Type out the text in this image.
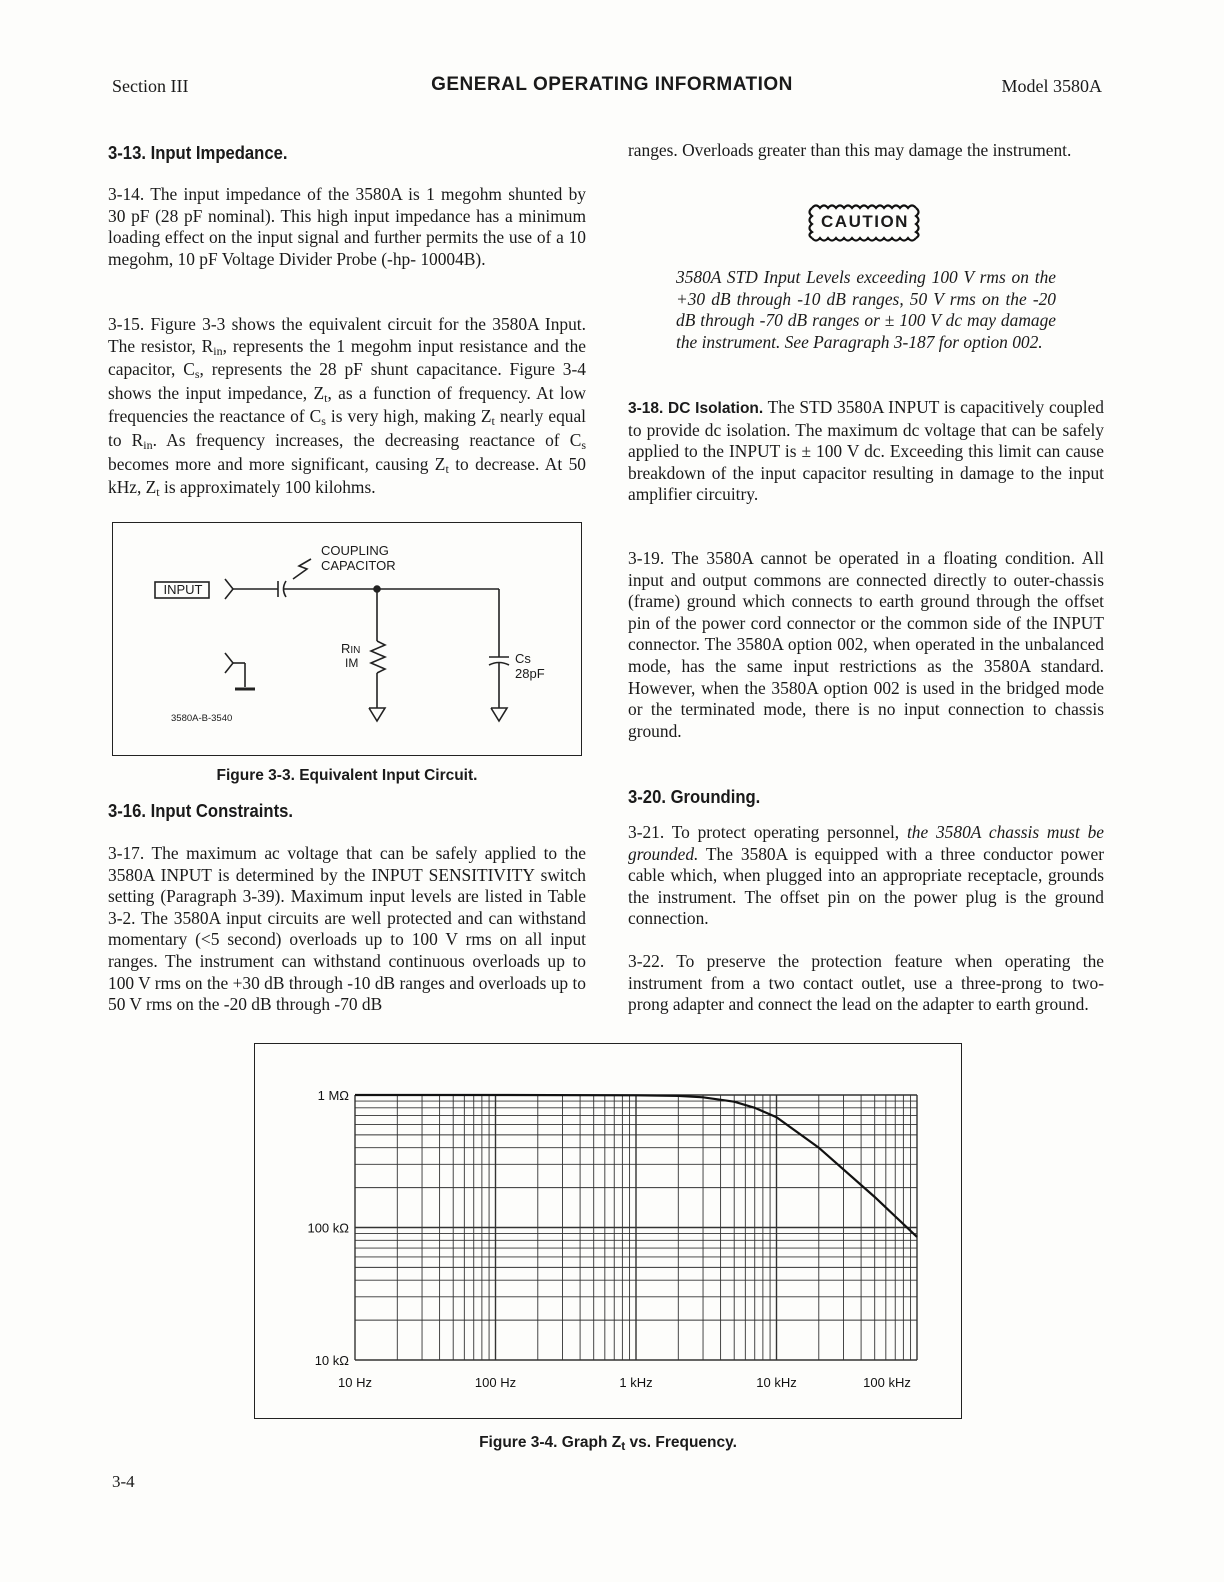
Section III	GENERAL OPERATING INFORMATION	Model 3580A
3-13. Input Impedance.

3-14. The input impedance of the 3580A is 1 megohm shunted by 30 pF (28 pF nominal). This high input impedance has a minimum loading effect on the input signal and further permits the use of a 10 megohm, 10 pF Voltage Divider Probe (-hp- 10004B).

3-15. Figure 3-3 shows the equivalent circuit for the 3580A Input. The resistor, Rin, represents the 1 megohm input resistance and the capacitor, Cs, represents the 28 pF shunt capacitance. Figure 3-4 shows the input impedance, Zt, as a function of frequency. At low frequencies the reactance of Cs is very high, making Zt nearly equal to Rin. As frequency increases, the decreasing reactance of Cs becomes more and more significant, causing Zt to decrease. At 50 kHz, Zt is approximately 100 kilohms.

INPUT
COUPLING
CAPACITOR
RIN
IM	Cs
28pF
3580A-B-3540
Figure 3-3. Equivalent Input Circuit.
3-16. Input Constraints.

3-17. The maximum ac voltage that can be safely applied to the 3580A INPUT is determined by the INPUT SENSITIVITY switch setting (Paragraph 3-39). Maximum input levels are listed in Table 3-2. The 3580A input circuits are well protected and can withstand momentary (<5 second) overloads up to 100 V rms on all input ranges. The instrument can withstand continuous overloads up to 100 V rms on the +30 dB through -10 dB ranges and overloads up to 50 V rms on the -20 dB through -70 dB

ranges. Overloads greater than this may damage the instrument.

CAUTION
3580A STD Input Levels exceeding 100 V rms on the +30 dB through -10 dB ranges, 50 V rms on the -20 dB through -70 dB ranges or ± 100 V dc may damage the instrument. See Paragraph 3-187 for option 002.

3-18. DC Isolation. The STD 3580A INPUT is capacitively coupled to provide dc isolation. The maximum dc voltage that can be safely applied to the INPUT is ± 100 V dc. Exceeding this limit can cause breakdown of the input capacitor resulting in damage to the input amplifier circuitry.

3-19. The 3580A cannot be operated in a floating condition. All input and output commons are connected directly to outer-chassis (frame) ground which connects to earth ground through the offset pin of the power cord connector or the common side of the INPUT connector. The 3580A option 002, when operated in the unbalanced mode, has the same input restrictions as the 3580A standard. However, when the 3580A option 002 is used in the bridged mode or the terminated mode, there is no input connection to chassis ground.

3-20. Grounding.

3-21. To protect operating personnel, the 3580A chassis must be grounded. The 3580A is equipped with a three conductor power cable which, when plugged into an appropriate receptacle, grounds the instrument. The offset pin on the power plug is the ground connection.

3-22. To preserve the protection feature when operating the instrument from a two contact outlet, use a three-prong to two-prong adapter and connect the lead on the adapter to earth ground.

1 MΩ
100 kΩ
10 kΩ
10 Hz	100 Hz	1 kHz	10 kHz	100 kHz
Figure 3-4. Graph Zt vs. Frequency.
3-4
